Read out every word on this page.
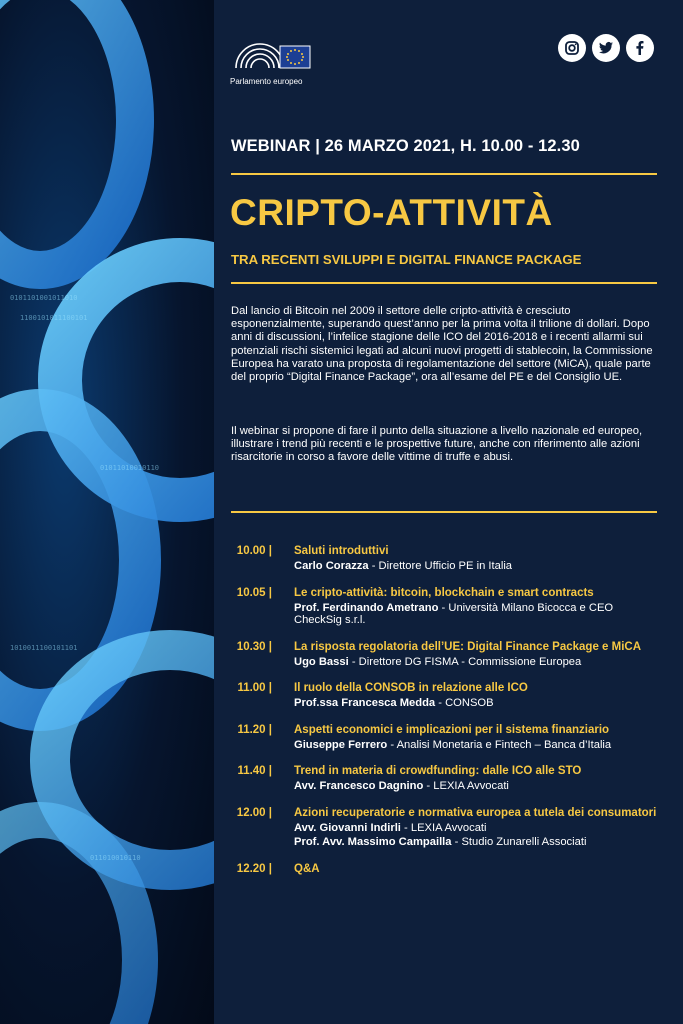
0101101001011010
1100101011100101
01011010010110
1010011100101101
011010010110
Parlamento europeo
WEBINAR | 26 MARZO 2021, H. 10.00 - 12.30
CRIPTO-ATTIVITÀ
TRA RECENTI SVILUPPI E DIGITAL FINANCE PACKAGE
Dal lancio di Bitcoin nel 2009 il settore delle cripto-attività è cresciuto esponenzialmente, superando quest’anno per la prima volta il trilione di dollari. Dopo anni di discussioni, l’infelice stagione delle ICO del 2016-2018 e i recenti allarmi sui potenziali rischi sistemici legati ad alcuni nuovi progetti di stablecoin, la Commissione Europea ha varato una proposta di regolamentazione del settore (MiCA), quale parte del proprio “Digital Finance Package”, ora all’esame del PE e del Consiglio UE.
Il webinar si propone di fare il punto della situazione a livello nazionale ed europeo, illustrare i trend più recenti e le prospettive future, anche con riferimento alle azioni risarcitorie in corso a favore delle vittime di truffe e abusi.
10.00 |	Saluti introduttivi
Carlo Corazza - Direttore Ufficio PE in Italia
10.05 |	Le cripto-attività: bitcoin, blockchain e smart contracts
Prof. Ferdinando Ametrano - Università Milano Bicocca e CEO CheckSig s.r.l.
10.30 |	La risposta regolatoria dell’UE: Digital Finance Package e MiCA
Ugo Bassi - Direttore DG FISMA - Commissione Europea
11.00 |	Il ruolo della CONSOB in relazione alle ICO
Prof.ssa Francesca Medda - CONSOB
11.20 |	Aspetti economici e implicazioni per il sistema finanziario
Giuseppe Ferrero - Analisi Monetaria e Fintech – Banca d’Italia
11.40 |	Trend in materia di crowdfunding: dalle ICO alle STO
Avv. Francesco Dagnino - LEXIA Avvocati
12.00 |	Azioni recuperatorie e normativa europea a tutela dei consumatori
Avv. Giovanni Indirli - LEXIA Avvocati
Prof. Avv. Massimo Campailla - Studio Zunarelli Associati
12.20 |	Q&A
